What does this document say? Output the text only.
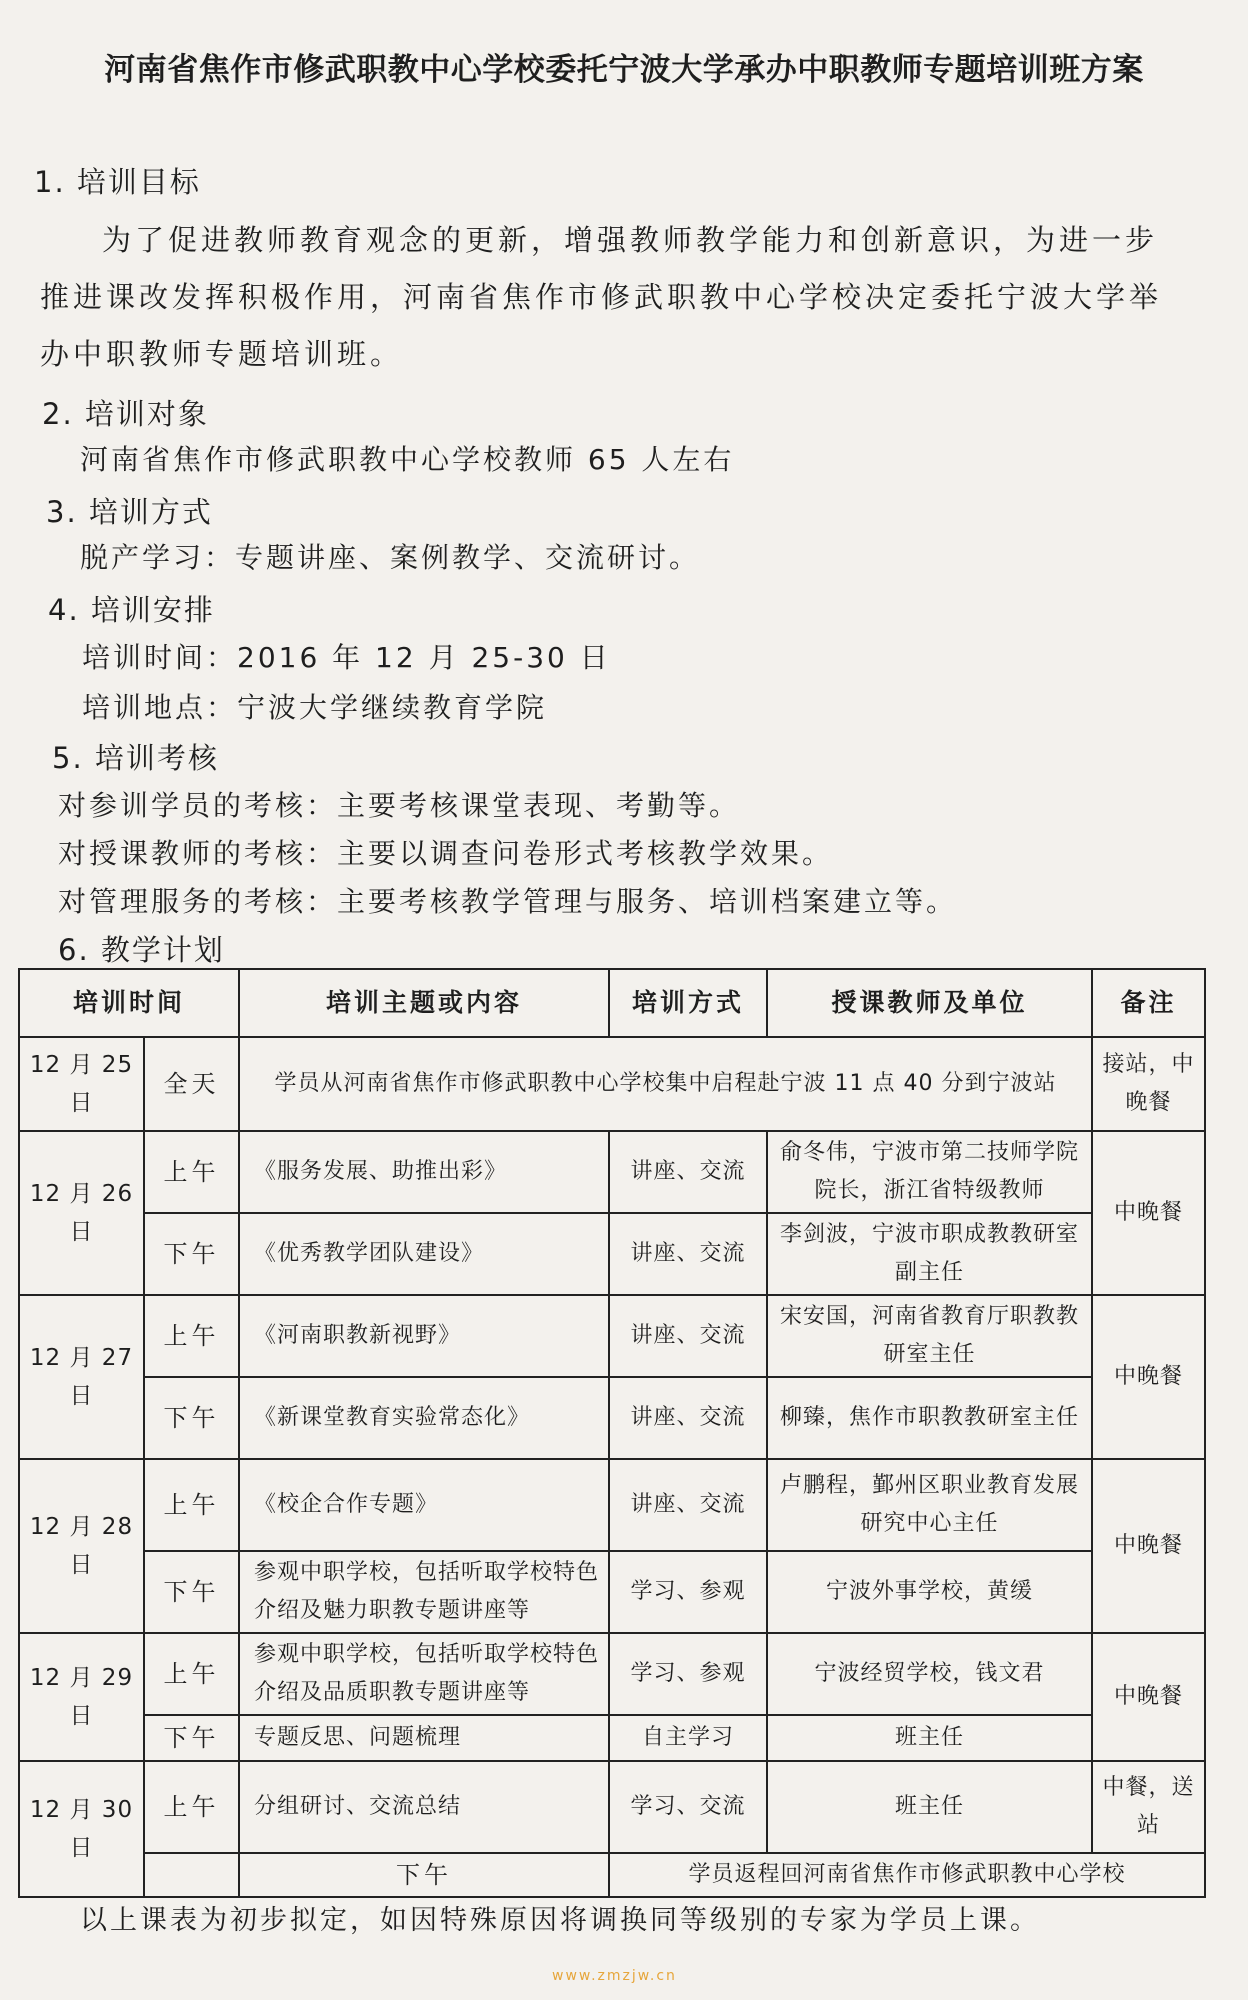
河南省焦作市修武职教中心学校委托宁波大学承办中职教师专题培训班方案
1. 培训目标
为了促进教师教育观念的更新，增强教师教学能力和创新意识，为进一步推进课改发挥积极作用，河南省焦作市修武职教中心学校决定委托宁波大学举办中职教师专题培训班。
2. 培训对象
河南省焦作市修武职教中心学校教师 65 人左右
3. 培训方式
脱产学习：专题讲座、案例教学、交流研讨。
4. 培训安排
培训时间：2016 年 12 月 25-30 日
培训地点：宁波大学继续教育学院
5. 培训考核
对参训学员的考核：主要考核课堂表现、考勤等。
对授课教师的考核：主要以调查问卷形式考核教学效果。
对管理服务的考核：主要考核教学管理与服务、培训档案建立等。
6. 教学计划
培训时间		培训主题或内容	培训方式	授课教师及单位	备注
12 月 25 日	全天	学员从河南省焦作市修武职教中心学校集中启程赴宁波 11 点 40 分到宁波站			接站，中晚餐
12 月 26 日	上午	《服务发展、助推出彩》	讲座、交流	俞冬伟，宁波市第二技师学院院长，浙江省特级教师	中晚餐
	下午	《优秀教学团队建设》	讲座、交流	李剑波，宁波市职成教教研室副主任	
12 月 27 日	上午	《河南职教新视野》	讲座、交流	宋安国，河南省教育厅职教教研室主任	中晚餐
	下午	《新课堂教育实验常态化》	讲座、交流	柳臻，焦作市职教教研室主任	
12 月 28 日	上午	《校企合作专题》	讲座、交流	卢鹏程，鄞州区职业教育发展研究中心主任	中晚餐
	下午	参观中职学校，包括听取学校特色介绍及魅力职教专题讲座等	学习、参观	宁波外事学校，黄缓	
12 月 29 日	上午	参观中职学校，包括听取学校特色介绍及品质职教专题讲座等	学习、参观	宁波经贸学校，钱文君	中晚餐
	下午	专题反思、问题梳理	自主学习	班主任	
12 月 30 日	上午	分组研讨、交流总结	学习、交流	班主任	中餐，送站
		下午	学员返程回河南省焦作市修武职教中心学校		
以上课表为初步拟定，如因特殊原因将调换同等级别的专家为学员上课。
www.zmzjw.cn
